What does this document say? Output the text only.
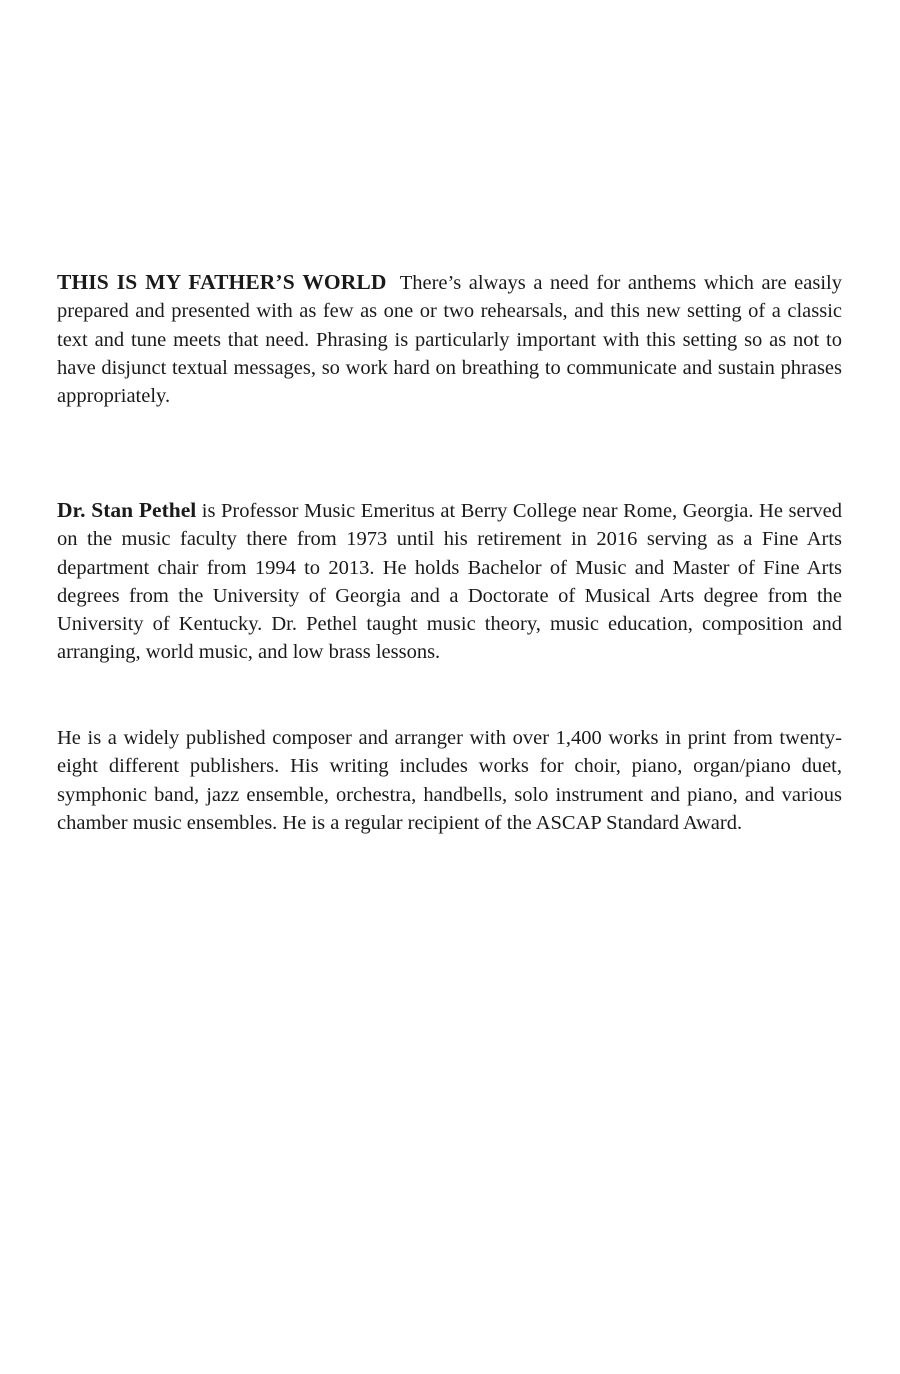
THIS IS MY FATHER’S WORLD There’s always a need for anthems which are easily prepared and presented with as few as one or two rehearsals, and this new setting of a classic text and tune meets that need. Phrasing is particularly important with this setting so as not to have disjunct textual messages, so work hard on breathing to communicate and sustain phrases appropriately.

Dr. Stan Pethel is Professor Music Emeritus at Berry College near Rome, Georgia. He served on the music faculty there from 1973 until his retirement in 2016 serving as a Fine Arts department chair from 1994 to 2013. He holds Bachelor of Music and Master of Fine Arts degrees from the University of Georgia and a Doctorate of Musical Arts degree from the University of Kentucky. Dr. Pethel taught music theory, music education, composition and arranging, world music, and low brass lessons.

He is a widely published composer and arranger with over 1,400 works in print from twenty-eight different publishers. His writing includes works for choir, piano, organ/piano duet, symphonic band, jazz ensemble, orchestra, handbells, solo instrument and piano, and various chamber music ensembles. He is a regular recipient of the ASCAP Standard Award.
